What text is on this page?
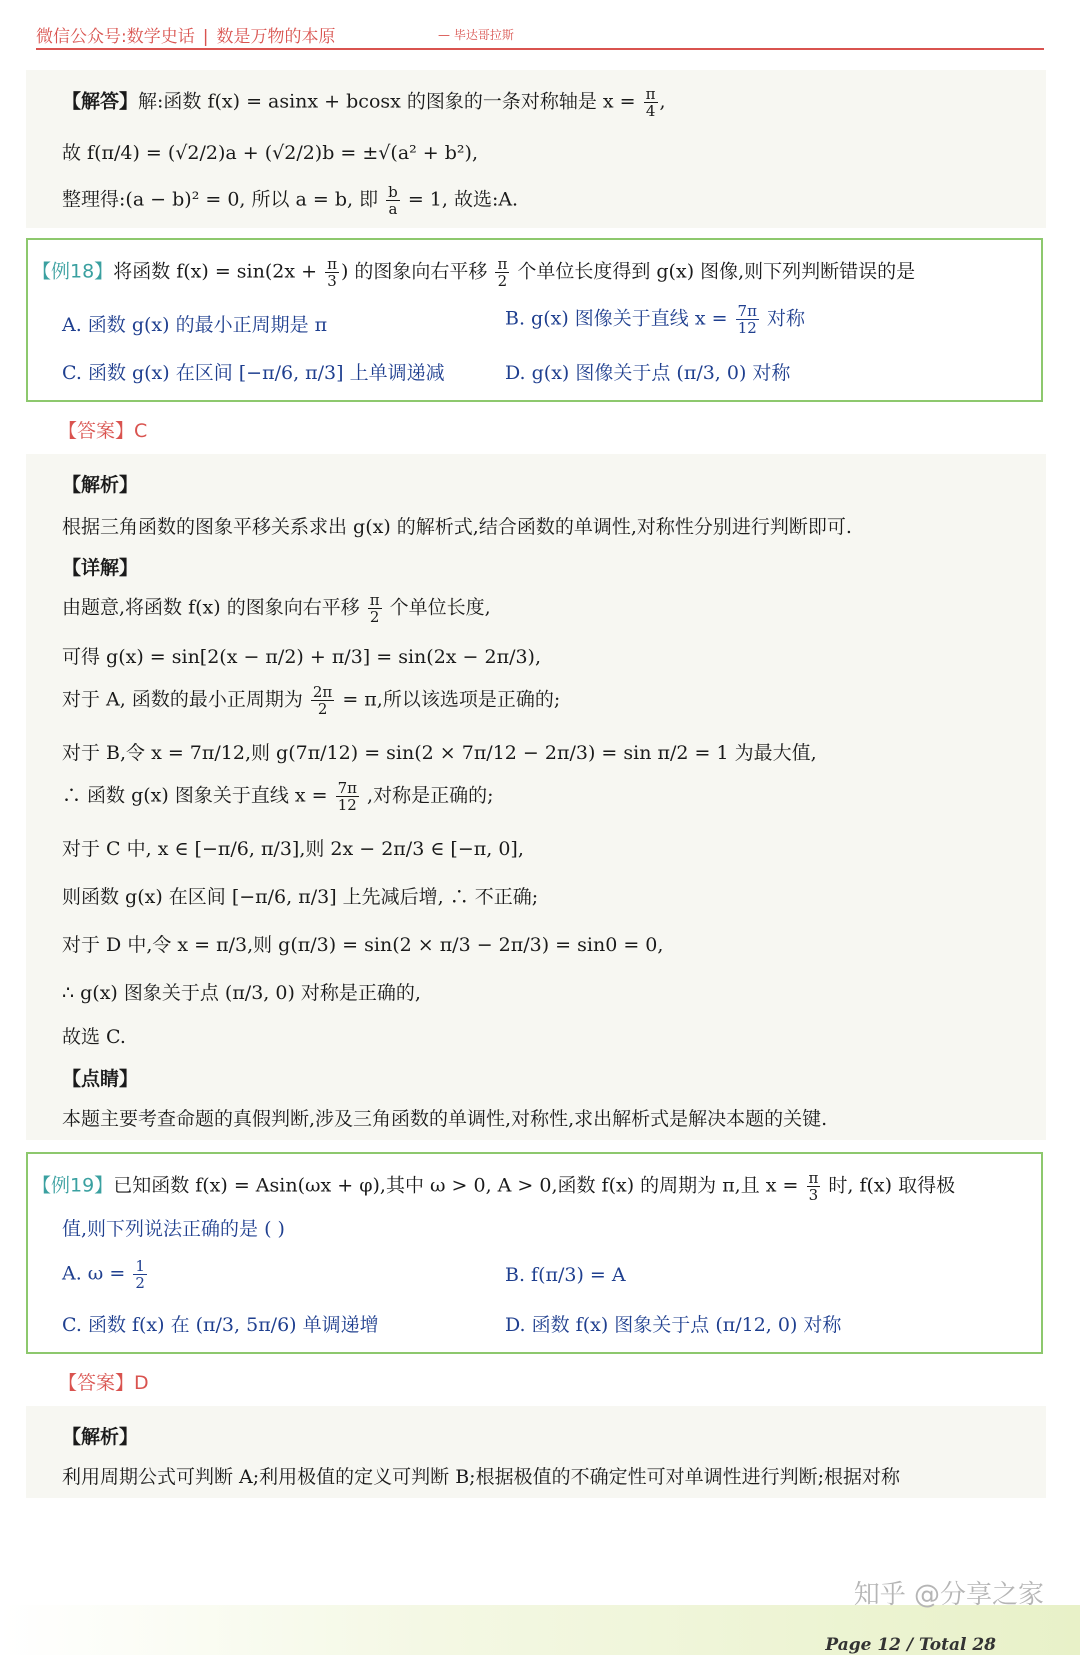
微信公众号:数学史话 | 数是万物的本原	— 毕达哥拉斯
【解答】解:函数 f(x) = asinx + bcosx 的图象的一条对称轴是 $x = \frac{\pi}{4}$ ,
故 f(π/4) = (√2/2)a + (√2/2)b = ±√(a² + b²),
整理得:(a − b)² = 0, 所以 a = b, 即 $\frac{b}{a} = 1$, 故选:A.
【例18】将函数 $f(x) = \sin(2x + \frac{\pi}{3}$ ) 的图象向右平移 $\frac{\pi}{2}$ 个单位长度得到 g(x) 图像,则下列判断错误的是
A. 函数 g(x) 的最小正周期是 π	B. g(x) 图像关于直线 $x = \frac{7\pi}{12}$ 对称
C. 函数 g(x) 在区间 [−π/6, π/3] 上单调递减	D. g(x) 图像关于点 (π/3, 0) 对称
【答案】C
【解析】
根据三角函数的图象平移关系求出 g(x) 的解析式,结合函数的单调性,对称性分别进行判断即可.
【详解】
由题意,将函数 f(x) 的图象向右平移 $\frac{\pi}{2}$ 个单位长度,
可得 g(x) = sin[2(x − π/2) + π/3] = sin(2x − 2π/3),
对于 A, 函数的最小正周期为 $\frac{2\pi}{2} = \pi$,所以该选项是正确的;
对于 B,令 x = 7π/12,则 g(7π/12) = sin(2 × 7π/12 − 2π/3) = sin π/2 = 1 为最大值,
∴ 函数 g(x) 图象关于直线 $x = \frac{7\pi}{12}$ ,对称是正确的;
对于 C 中, x ∈ [−π/6, π/3],则 2x − 2π/3 ∈ [−π, 0],
则函数 g(x) 在区间 [−π/6, π/3] 上先减后增, ∴ 不正确;
对于 D 中,令 x = π/3,则 g(π/3) = sin(2 × π/3 − 2π/3) = sin0 = 0,
∴ g(x) 图象关于点 (π/3, 0) 对称是正确的,
故选 C.
【点睛】
本题主要考查命题的真假判断,涉及三角函数的单调性,对称性,求出解析式是解决本题的关键.
【例19】已知函数 f(x) = Asin(ωx + φ),其中 ω > 0, A > 0,函数 f(x) 的周期为 π,且 $x = \frac{\pi}{3}$ 时, f(x) 取得极
值,则下列说法正确的是 ( )
A. $\omega = \frac{1}{2}$	B. f(π/3) = A
C. 函数 f(x) 在 (π/3, 5π/6) 单调递增	D. 函数 f(x) 图象关于点 (π/12, 0) 对称
【答案】D
【解析】
利用周期公式可判断 A;利用极值的定义可判断 B;根据极值的不确定性可对单调性进行判断;根据对称
Page 12 / Total 28
知乎 @分享之家
